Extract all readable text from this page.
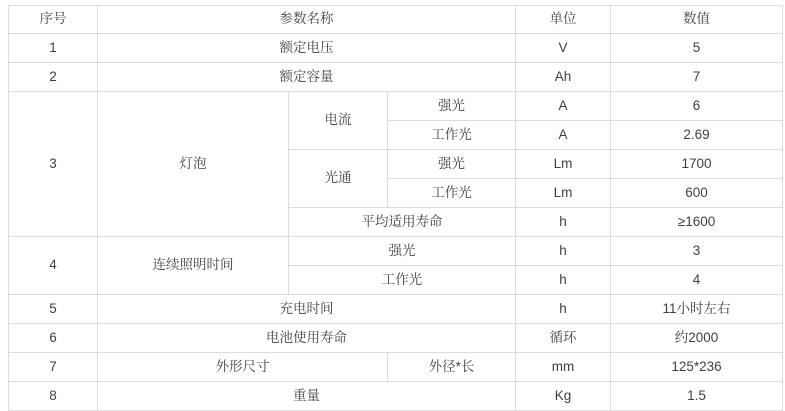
序号	参数名称			单位	数值
1	额定电压			V	5
2	额定容量			Ah	7
3	灯泡	电流	强光	A	6
			工作光	A	2.69
		光通	强光	Lm	1700
			工作光	Lm	600
		平均适用寿命		h	≥1600
4	连续照明时间	强光		h	3
		工作光		h	4
5	充电时间			h	11小时左右
6	电池使用寿命			循环	约2000
7	外形尺寸		外径*长	mm	125*236
8	重量			Kg	1.5
